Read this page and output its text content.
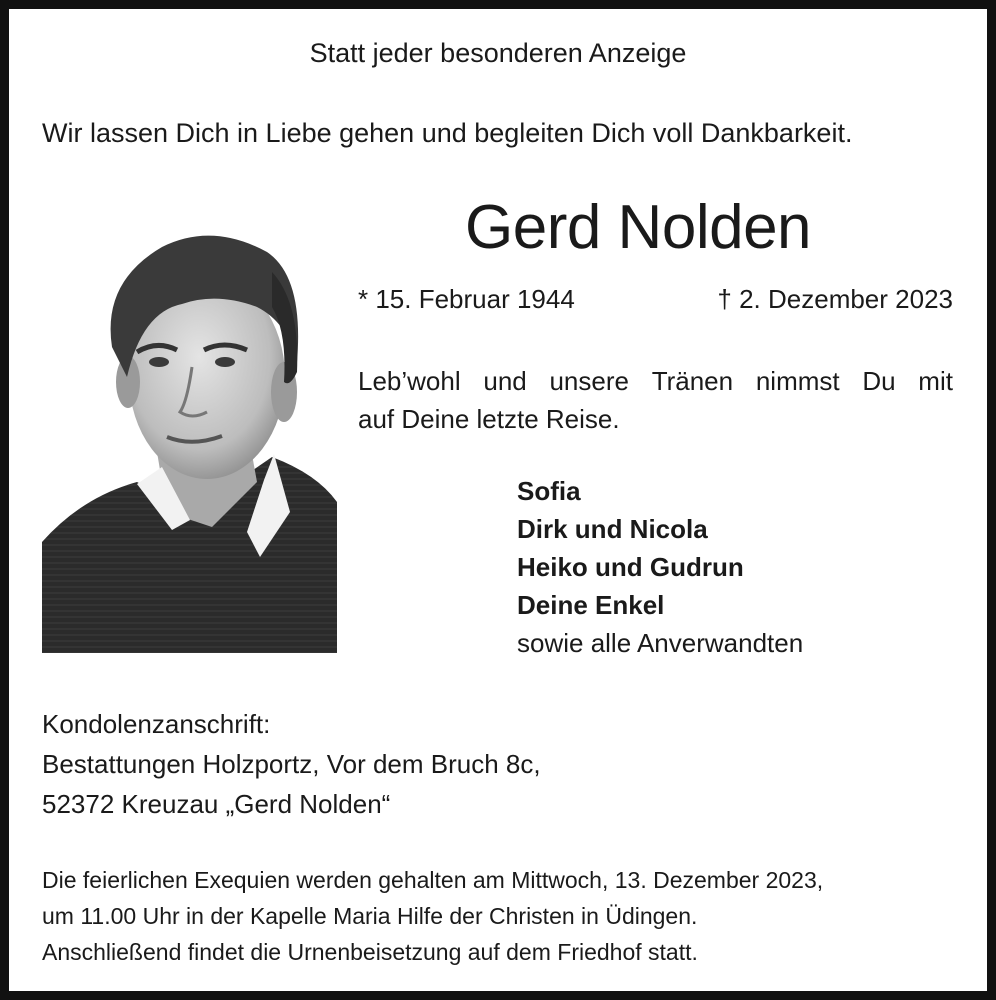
Statt jeder besonderen Anzeige
Wir lassen Dich in Liebe gehen und begleiten Dich voll Dankbarkeit.
Gerd Nolden
* 15. Februar 1944	† 2. Dezember 2023
Leb’wohl und unsere Tränen nimmst Du mit
auf Deine letzte Reise.
Sofia
Dirk und Nicola
Heiko und Gudrun
Deine Enkel
sowie alle Anverwandten
Kondolenzanschrift:
Bestattungen Holzportz, Vor dem Bruch 8c,
52372 Kreuzau „Gerd Nolden“
Die feierlichen Exequien werden gehalten am Mittwoch, 13. Dezember 2023,
um 11.00 Uhr in der Kapelle Maria Hilfe der Christen in Üdingen.
Anschließend findet die Urnenbeisetzung auf dem Friedhof statt.
